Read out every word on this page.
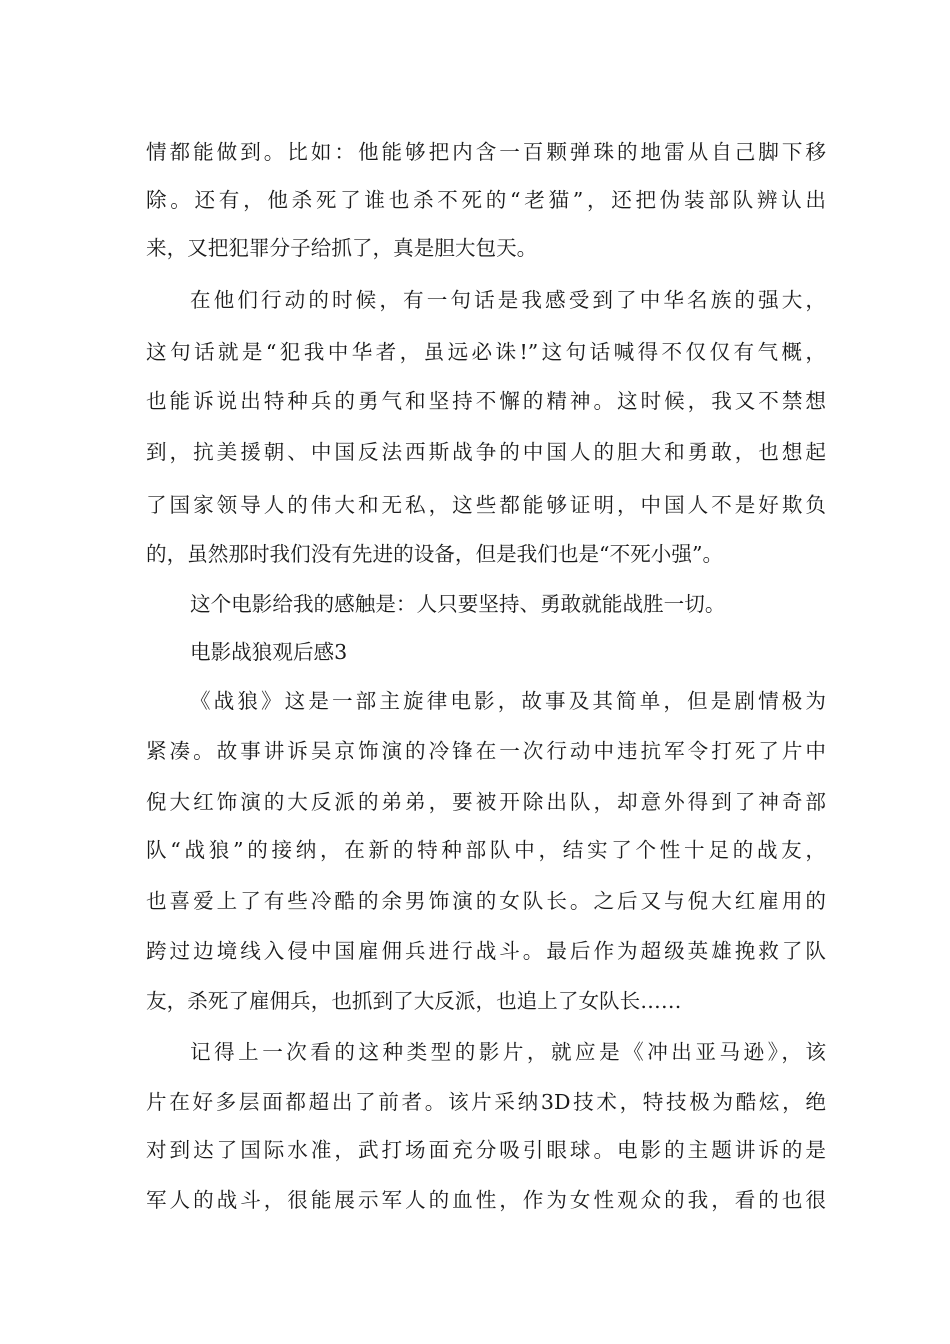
情都能做到。比如：他能够把内含一百颗弹珠的地雷从自己脚下移
除。还有，他杀死了谁也杀不死的“老猫”，还把伪装部队辨认出
来，又把犯罪分子给抓了，真是胆大包天。
在他们行动的时候，有一句话是我感受到了中华名族的强大，
这句话就是“犯我中华者，虽远必诛!”这句话喊得不仅仅有气概，
也能诉说出特种兵的勇气和坚持不懈的精神。这时候，我又不禁想
到，抗美援朝、中国反法西斯战争的中国人的胆大和勇敢，也想起
了国家领导人的伟大和无私，这些都能够证明，中国人不是好欺负
的，虽然那时我们没有先进的设备，但是我们也是“不死小强”。
这个电影给我的感触是：人只要坚持、勇敢就能战胜一切。
电影战狼观后感3
《战狼》这是一部主旋律电影，故事及其简单，但是剧情极为
紧凑。故事讲诉吴京饰演的冷锋在一次行动中违抗军令打死了片中
倪大红饰演的大反派的弟弟，要被开除出队，却意外得到了神奇部
队“战狼”的接纳，在新的特种部队中，结实了个性十足的战友，
也喜爱上了有些冷酷的余男饰演的女队长。之后又与倪大红雇用的
跨过边境线入侵中国雇佣兵进行战斗。最后作为超级英雄挽救了队
友，杀死了雇佣兵，也抓到了大反派，也追上了女队长……
记得上一次看的这种类型的影片，就应是《冲出亚马逊》，该
片在好多层面都超出了前者。该片采纳3D技术，特技极为酷炫，绝
对到达了国际水准，武打场面充分吸引眼球。电影的主题讲诉的是
军人的战斗，很能展示军人的血性，作为女性观众的我，看的也很
